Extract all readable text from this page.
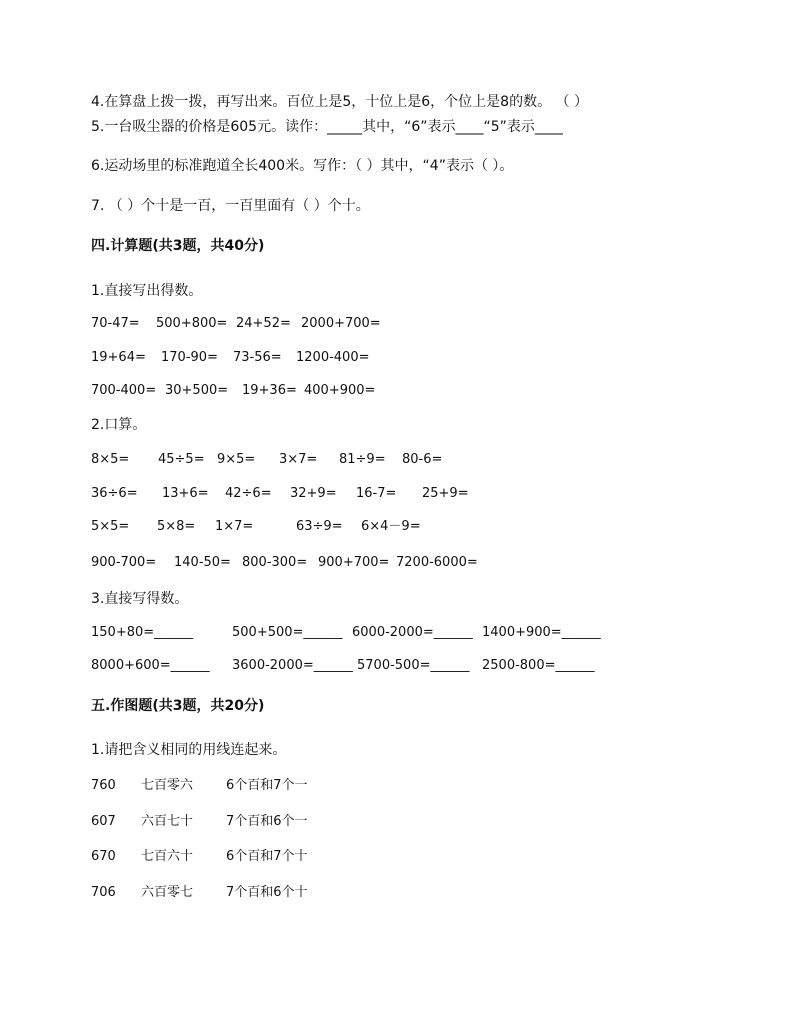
4.在算盘上拨一拨，再写出来。百位上是5，十位上是6，个位上是8的数。 （ ）
5.一台吸尘器的价格是605元。读作：_____其中，“6”表示____“5”表示____
6.运动场里的标准跑道全长400米。写作：（ ）其中，“4”表示（ ）。
7. （ ）个十是一百，一百里面有（ ）个十。
四.计算题(共3题，共40分)
1.直接写出得数。
70-47= 500+800= 24+52= 2000+700=
19+64= 170-90= 73-56= 1200-400=
700-400= 30+500= 19+36= 400+900=
2.口算。
8×5= 45÷5= 9×5= 3×7= 81÷9= 80-6=
36÷6= 13+6= 42÷6= 32+9= 16-7= 25+9=
5×5= 5×8= 1×7=	63÷9= 6×4－9=
900-700= 140-50= 800-300= 900+700= 7200-6000=
3.直接写得数。
150+80=______	500+500=______ 6000-2000=______ 1400+900=______
8000+600=______ 3600-2000=______ 5700-500=______ 2500-800=______
五.作图题(共3题，共20分)
1.请把含义相同的用线连起来。
760 七百零六	6个百和7个一
607 六百七十	7个百和6个一
670 七百六十	6个百和7个十
706 六百零七	7个百和6个十
